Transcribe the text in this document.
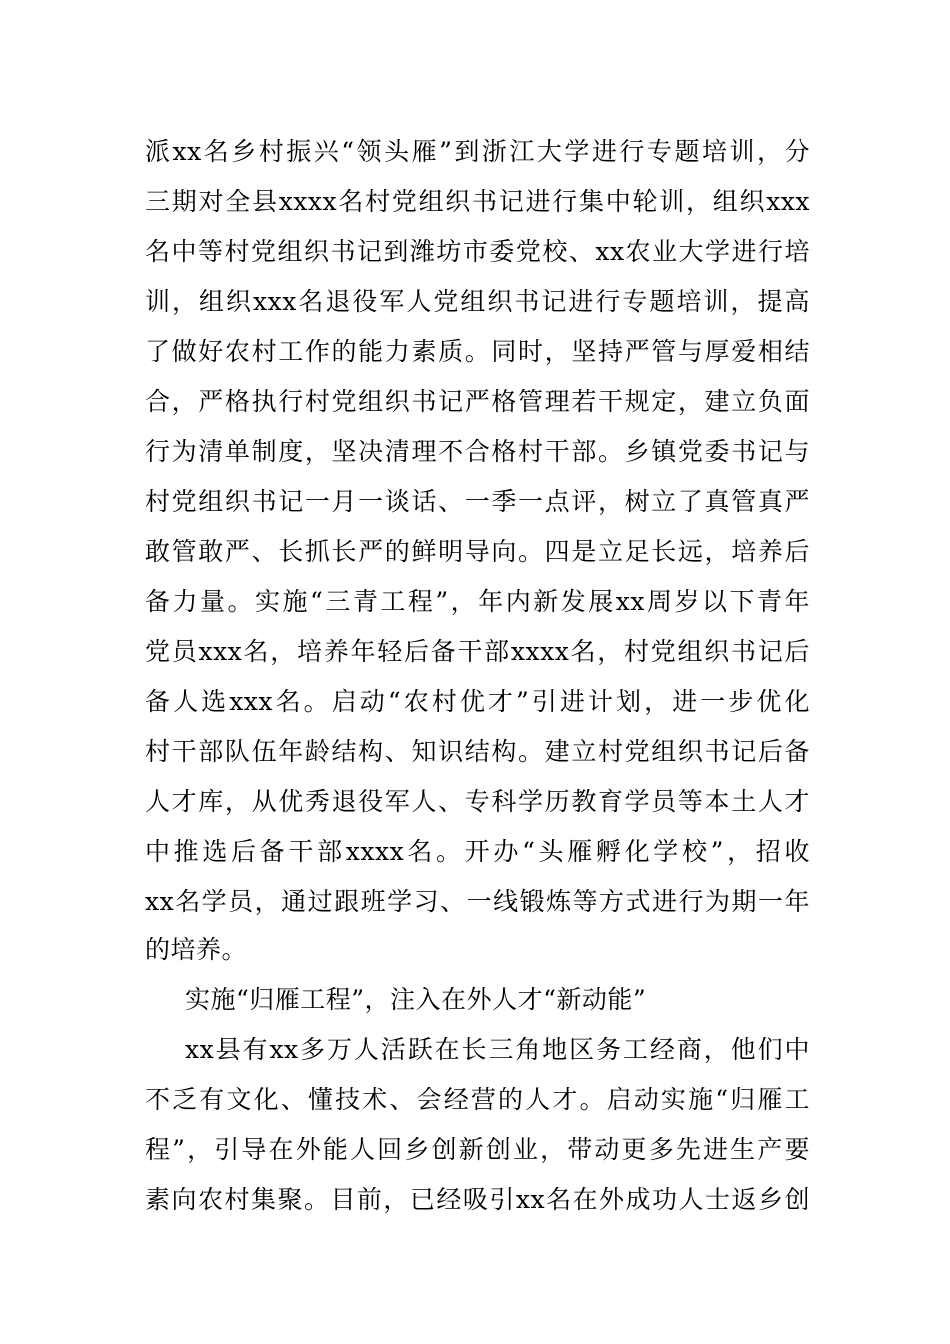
派xx名乡村振兴“领头雁”到浙江大学进行专题培训，分
三期对全县xxxx名村党组织书记进行集中轮训，组织xxx
名中等村党组织书记到潍坊市委党校、xx农业大学进行培
训，组织xxx名退役军人党组织书记进行专题培训，提高
了做好农村工作的能力素质。同时，坚持严管与厚爱相结
合，严格执行村党组织书记严格管理若干规定，建立负面
行为清单制度，坚决清理不合格村干部。乡镇党委书记与
村党组织书记一月一谈话、一季一点评，树立了真管真严
敢管敢严、长抓长严的鲜明导向。四是立足长远，培养后
备力量。实施“三青工程”，年内新发展xx周岁以下青年
党员xxx名，培养年轻后备干部xxxx名，村党组织书记后
备人选xxx名。启动“农村优才”引进计划，进一步优化
村干部队伍年龄结构、知识结构。建立村党组织书记后备
人才库，从优秀退役军人、专科学历教育学员等本土人才
中推选后备干部xxxx名。开办“头雁孵化学校”，招收
xx名学员，通过跟班学习、一线锻炼等方式进行为期一年
的培养。
实施“归雁工程”，注入在外人才“新动能”
xx县有xx多万人活跃在长三角地区务工经商，他们中
不乏有文化、懂技术、会经营的人才。启动实施“归雁工
程”，引导在外能人回乡创新创业，带动更多先进生产要
素向农村集聚。目前，已经吸引xx名在外成功人士返乡创
